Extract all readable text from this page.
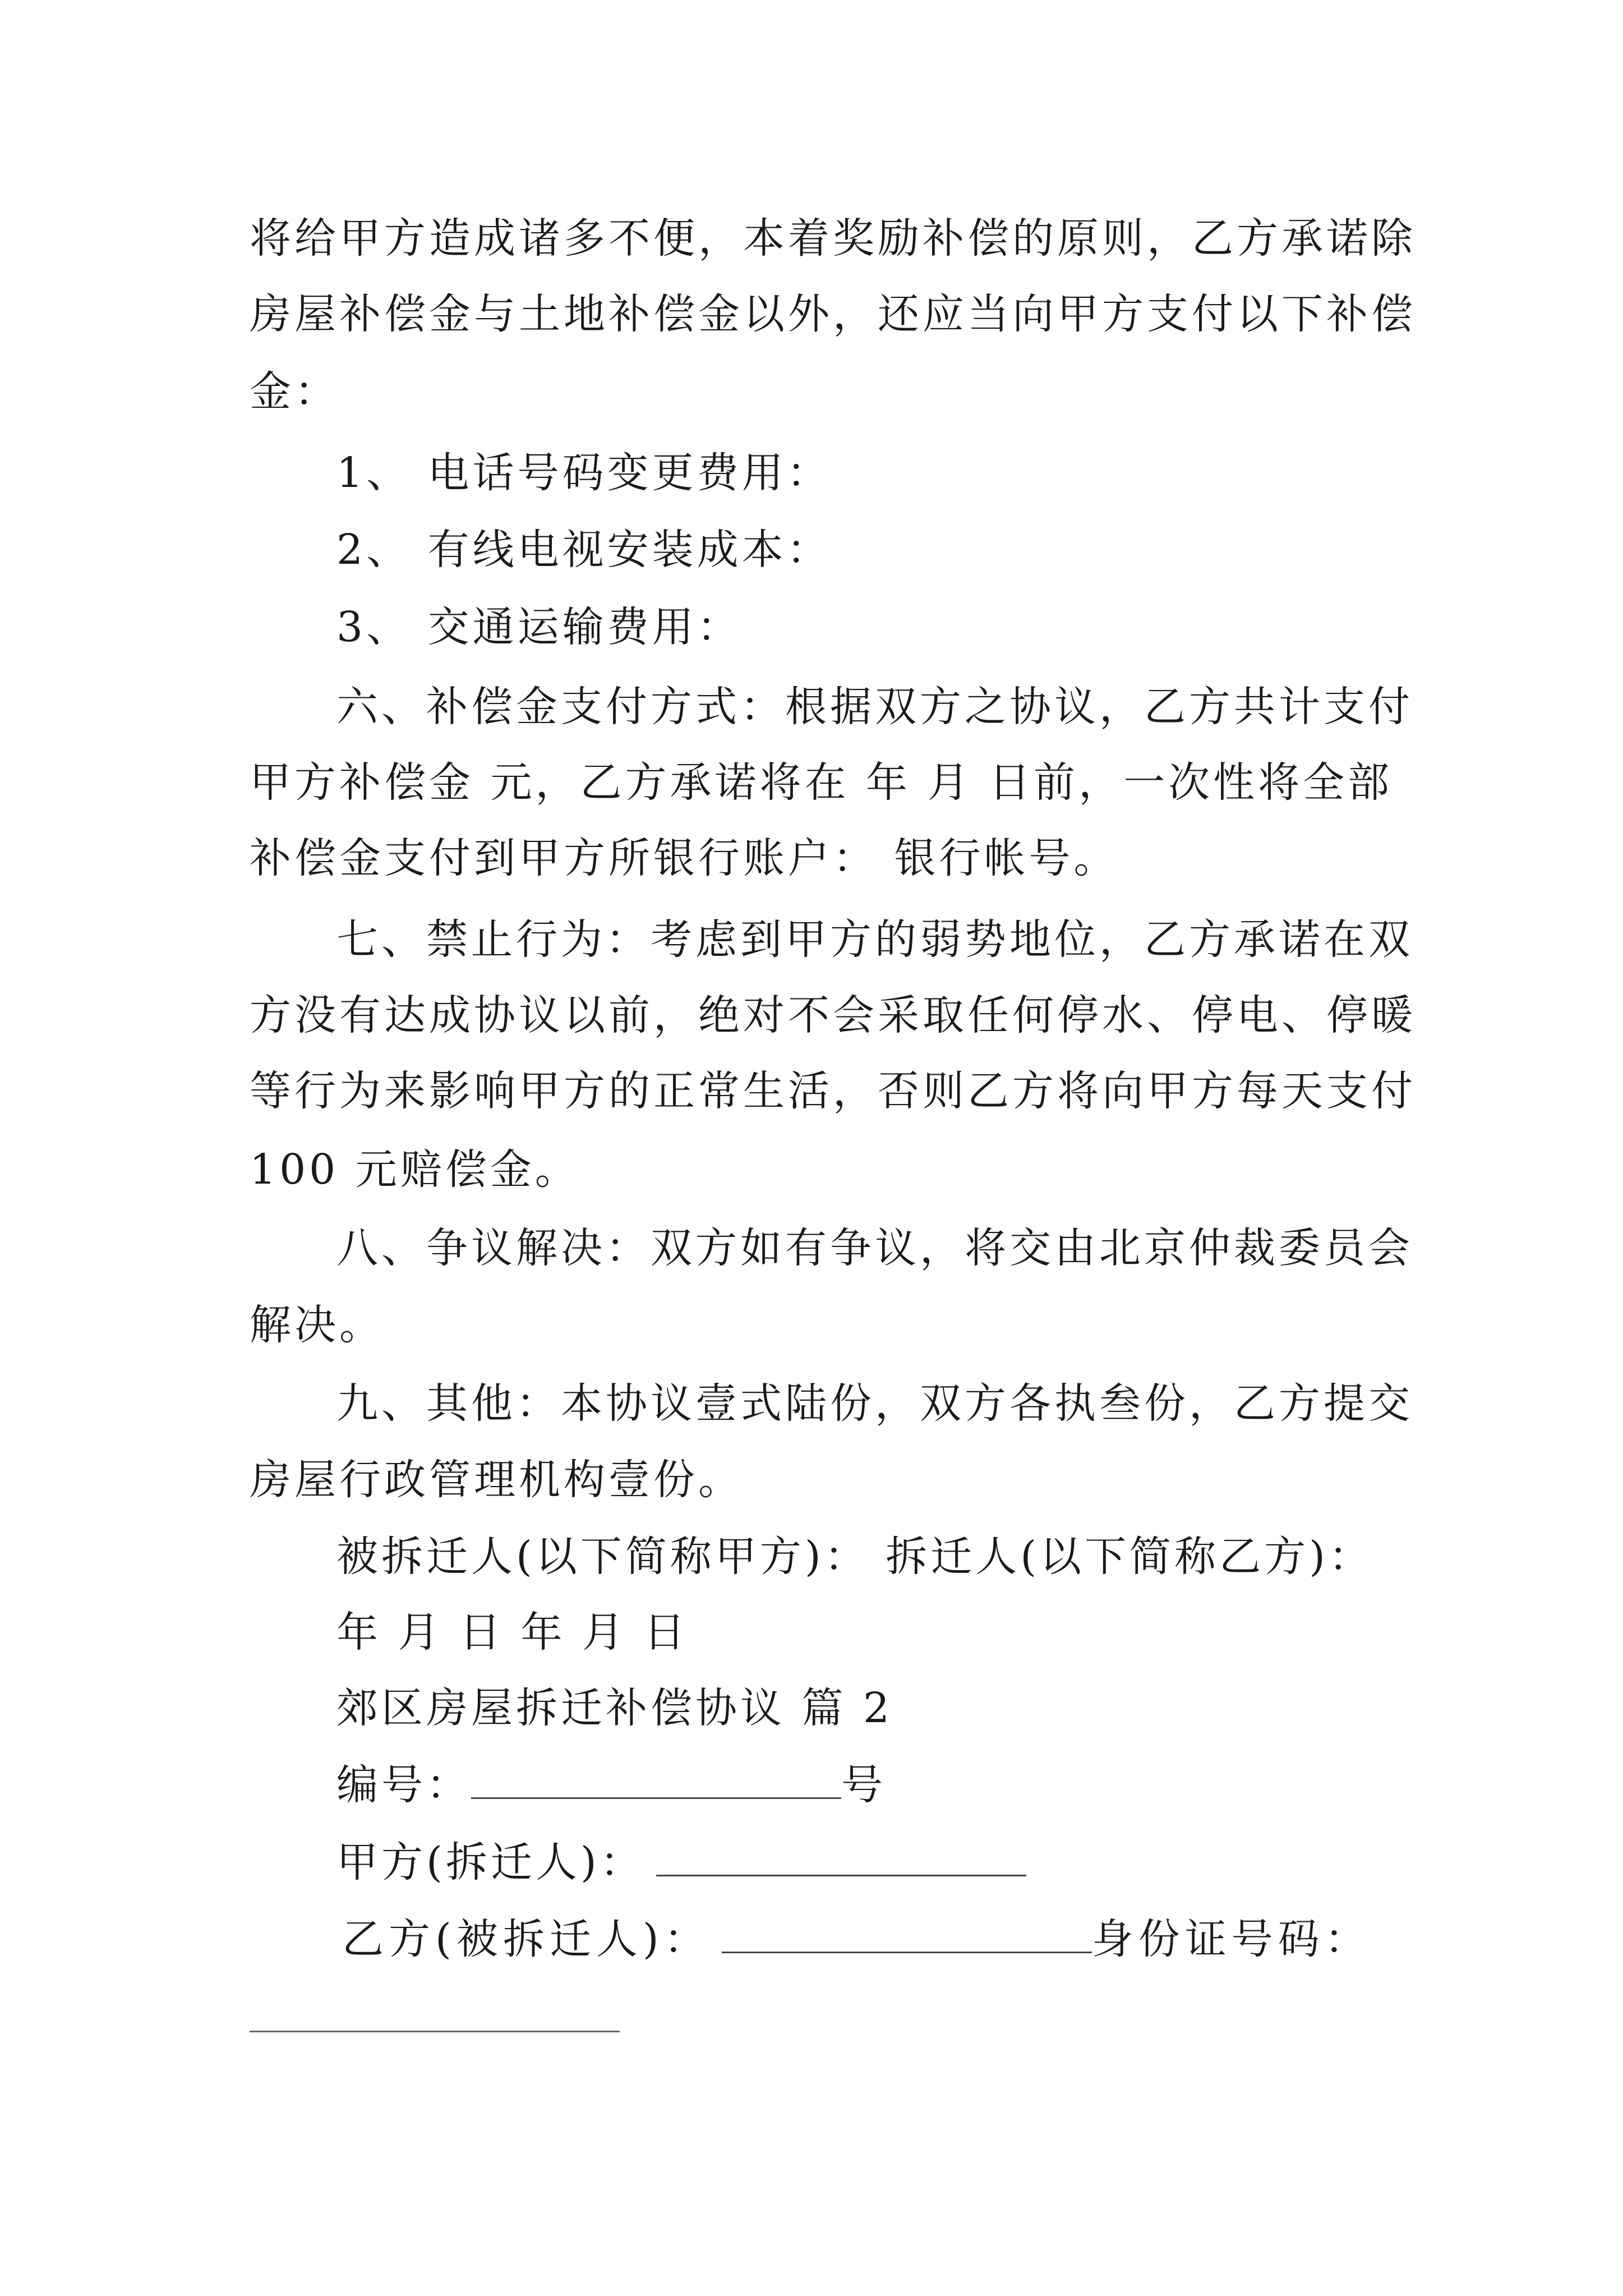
将给甲方造成诸多不便，本着奖励补偿的原则，乙方承诺除
房屋补偿金与土地补偿金以外，还应当向甲方支付以下补偿
金：
1、 电话号码变更费用：
2、 有线电视安装成本：
3、 交通运输费用：
六、补偿金支付方式：根据双方之协议，乙方共计支付
甲方补偿金 元，乙方承诺将在 年 月 日前，一次性将全部
补偿金支付到甲方所银行账户： 银行帐号。
七、禁止行为：考虑到甲方的弱势地位，乙方承诺在双
方没有达成协议以前，绝对不会采取任何停水、停电、停暖
等行为来影响甲方的正常生活，否则乙方将向甲方每天支付
100 元赔偿金。
八、争议解决：双方如有争议，将交由北京仲裁委员会
解决。
九、其他：本协议壹式陆份，双方各执叁份，乙方提交
房屋行政管理机构壹份。
被拆迁人(以下简称甲方)： 拆迁人(以下简称乙方)：
年 月 日 年 月 日
郊区房屋拆迁补偿协议 篇 2
编号：	号
甲方(拆迁人)：
乙方(被拆迁人)：	身份证号码：
